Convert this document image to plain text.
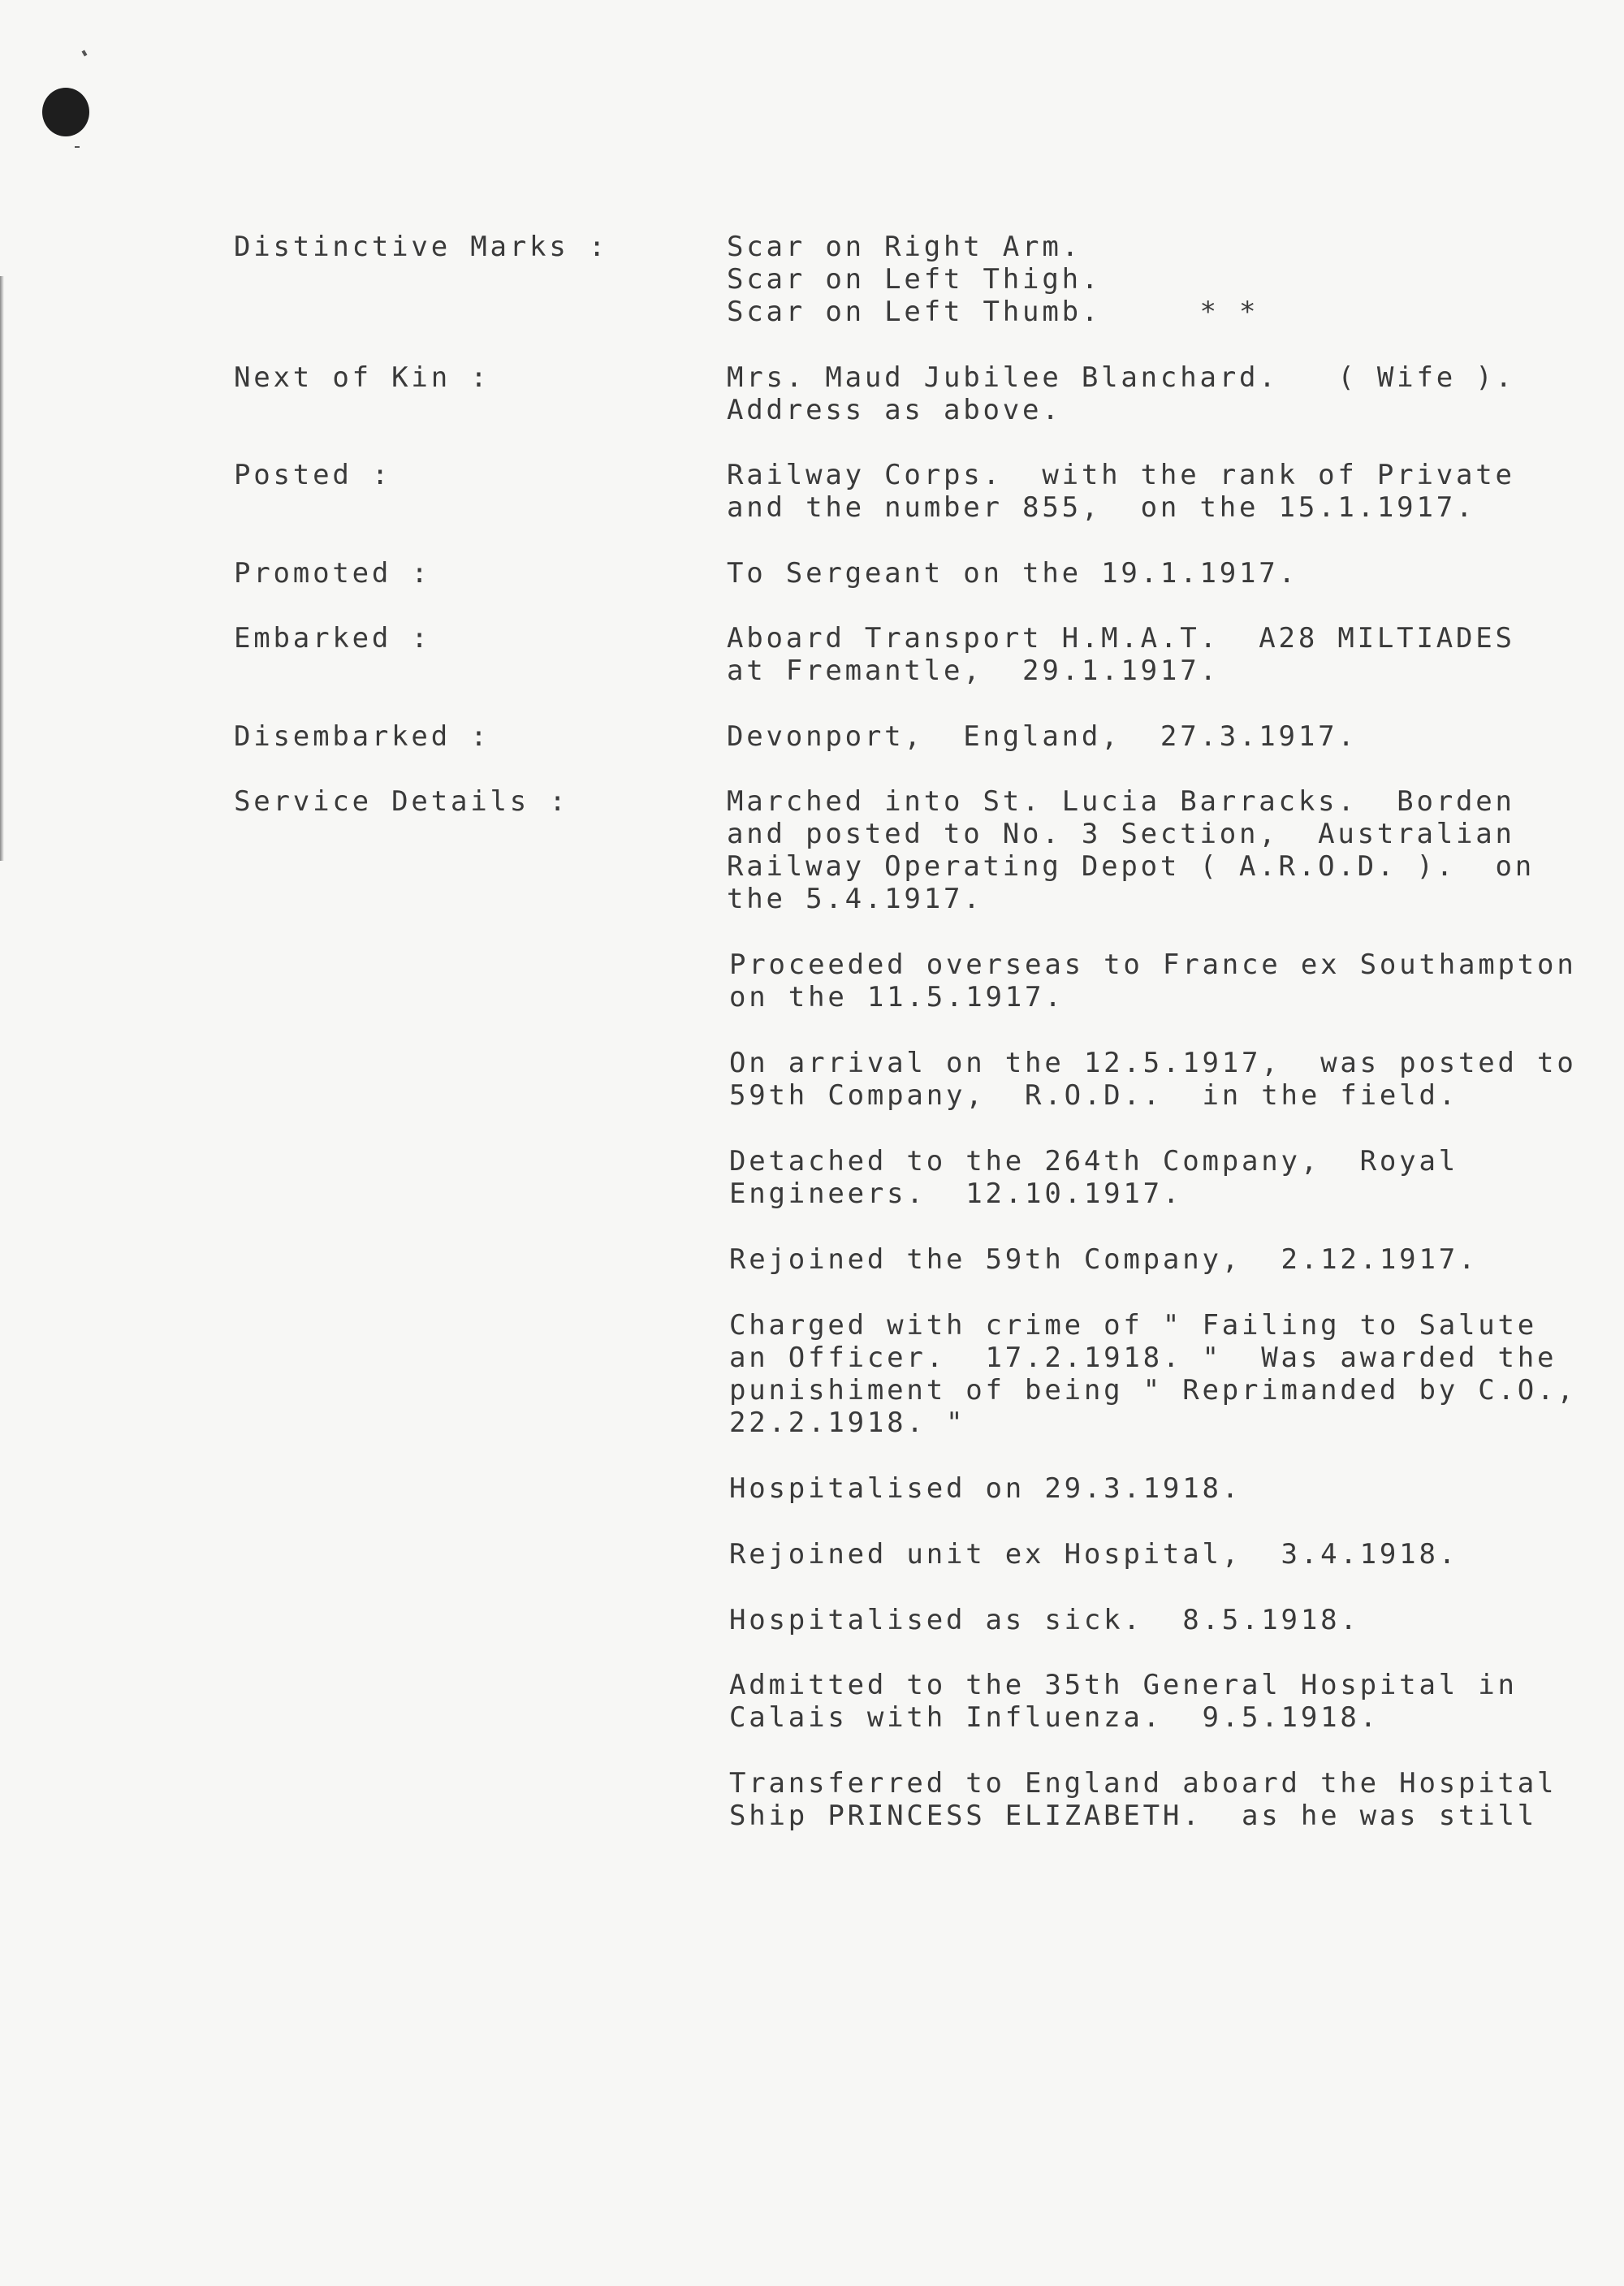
Distinctive Marks :	Scar on Right Arm.
Scar on Left Thigh.
Scar on Left Thumb.     * *
Next of Kin :	Mrs. Maud Jubilee Blanchard.   ( Wife ).
Address as above.
Posted :	Railway Corps.  with the rank of Private
and the number 855,  on the 15.1.1917.
Promoted :	To Sergeant on the 19.1.1917.
Embarked :	Aboard Transport H.M.A.T.  A28 MILTIADES
at Fremantle,  29.1.1917.
Disembarked :	Devonport,  England,  27.3.1917.
Service Details :	Marched into St. Lucia Barracks.  Borden
and posted to No. 3 Section,  Australian
Railway Operating Depot ( A.R.O.D. ).  on
the 5.4.1917.
Proceeded overseas to France ex Southampton
on the 11.5.1917.
On arrival on the 12.5.1917,  was posted to
59th Company,  R.O.D..  in the field.
Detached to the 264th Company,  Royal
Engineers.  12.10.1917.
Rejoined the 59th Company,  2.12.1917.
Charged with crime of " Failing to Salute
an Officer.  17.2.1918. "  Was awarded the
punishiment of being " Reprimanded by C.O.,
22.2.1918. "
Hospitalised on 29.3.1918.
Rejoined unit ex Hospital,  3.4.1918.
Hospitalised as sick.  8.5.1918.
Admitted to the 35th General Hospital in
Calais with Influenza.  9.5.1918.
Transferred to England aboard the Hospital
Ship PRINCESS ELIZABETH.  as he was still
